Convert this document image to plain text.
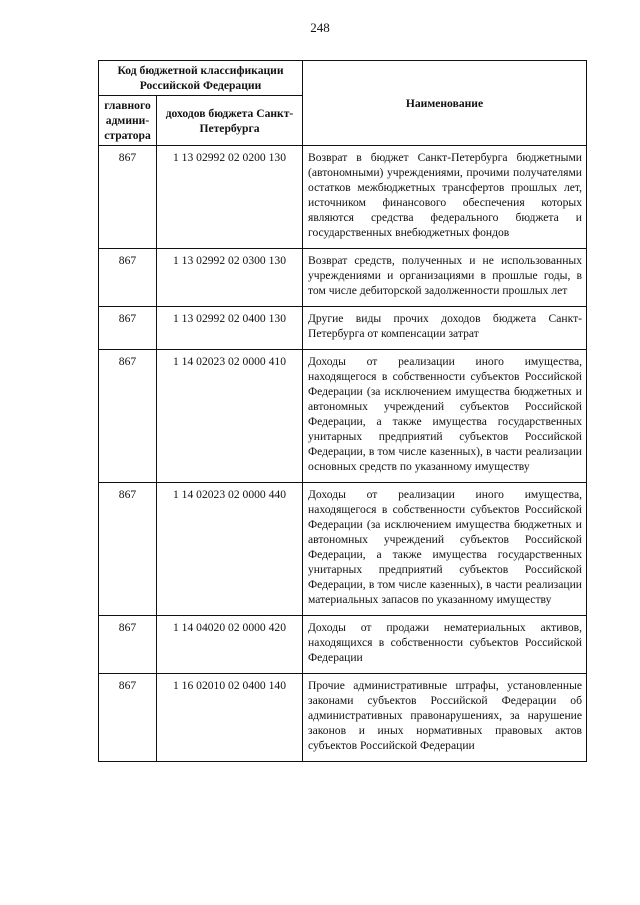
248
Код бюджетной классификации Российской Федерации		Наименование
главного админи-стратора	доходов бюджета Санкт-Петербурга	
867	1 13 02992 02 0200 130	Возврат в бюджет Санкт-Петербурга бюджетными (автономными) учреждениями, прочими получателями остатков межбюджетных трансфертов прошлых лет, источником финансового обеспечения которых являются средства федерального бюджета и государственных внебюджетных фондов
867	1 13 02992 02 0300 130	Возврат средств, полученных и не использованных учреждениями и организациями в прошлые годы, в том числе дебиторской задолженности прошлых лет
867	1 13 02992 02 0400 130	Другие виды прочих доходов бюджета Санкт-Петербурга от компенсации затрат
867	1 14 02023 02 0000 410	Доходы от реализации иного имущества, находящегося в собственности субъектов Российской Федерации (за исключением имущества бюджетных и автономных учреждений субъектов Российской Федерации, а также имущества государственных унитарных предприятий субъектов Российской Федерации, в том числе казенных), в части реализации основных средств по указанному имуществу
867	1 14 02023 02 0000 440	Доходы от реализации иного имущества, находящегося в собственности субъектов Российской Федерации (за исключением имущества бюджетных и автономных учреждений субъектов Российской Федерации, а также имущества государственных унитарных предприятий субъектов Российской Федерации, в том числе казенных), в части реализации материальных запасов по указанному имуществу
867	1 14 04020 02 0000 420	Доходы от продажи нематериальных активов, находящихся в собственности субъектов Российской Федерации
867	1 16 02010 02 0400 140	Прочие административные штрафы, установленные законами субъектов Российской Федерации об административных правонарушениях, за нарушение законов и иных нормативных правовых актов субъектов Российской Федерации
